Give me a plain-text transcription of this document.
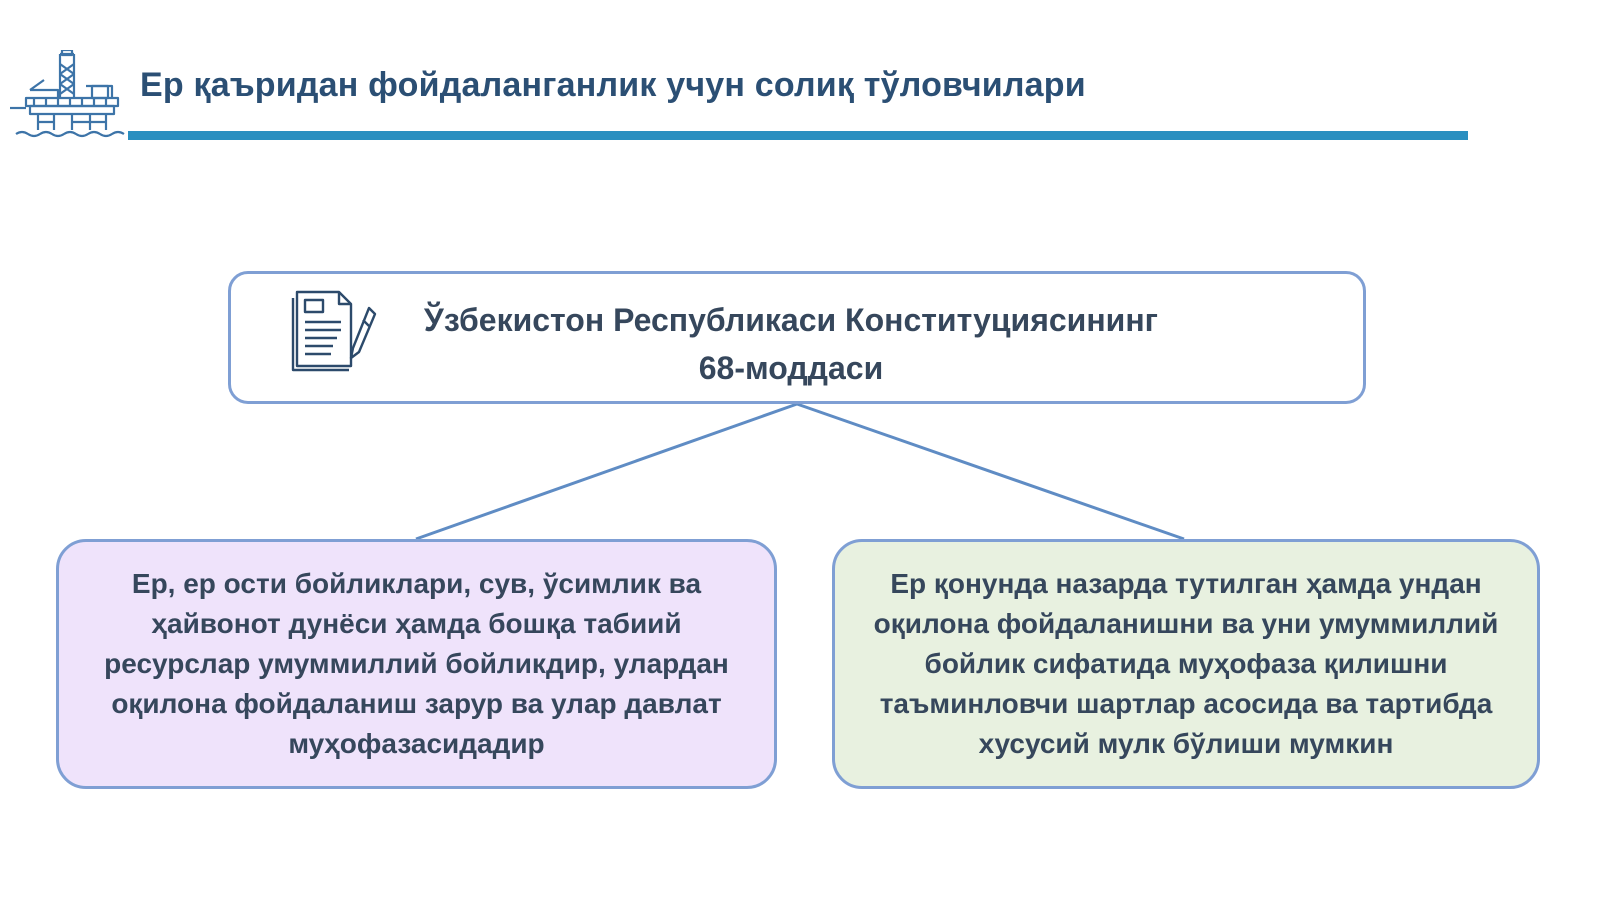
Ер қаъридан фойдаланганлик учун солиқ тўловчилари
Ўзбекистон Республикаси Конституциясининг 68-моддаси
Ер, ер ости бойликлари, сув, ўсимлик ва ҳайвонот дунёси ҳамда бошқа табиий ресурслар умуммиллий бойликдир, улардан оқилона фойдаланиш зарур ва улар давлат муҳофазасидадир
Ер қонунда назарда тутилган ҳамда ундан оқилона фойдаланишни ва уни умуммиллий бойлик сифатида муҳофаза қилишни таъминловчи шартлар асосида ва тартибда хусусий мулк бўлиши мумкин
